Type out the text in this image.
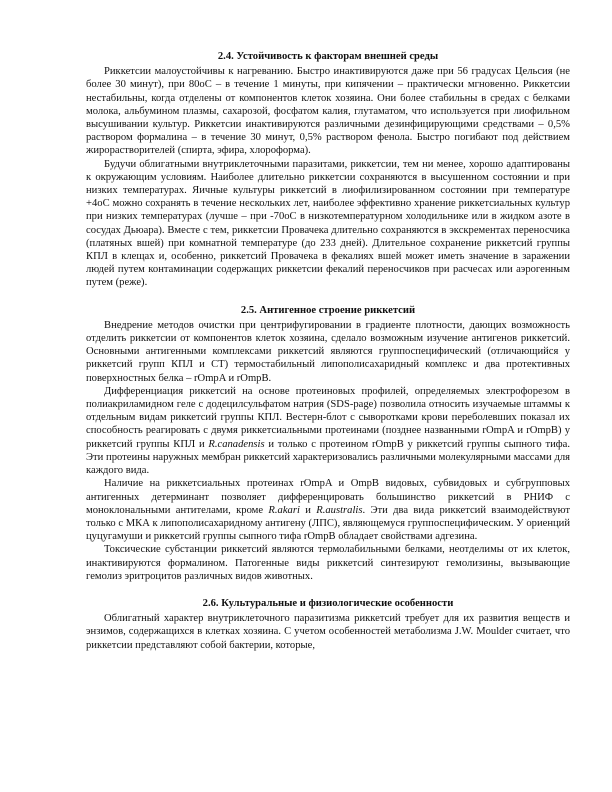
2.4. Устойчивость к факторам внешней среды

Риккетсии малоустойчивы к нагреванию. Быстро инактивируются даже при 56 градусах Цельсия (не более 30 минут), при 80оС – в течение 1 минуты, при кипячении – практически мгновенно. Риккетсии нестабильны, когда отделены от компонентов клеток хозяина. Они более стабильны в средах с белками молока, альбумином плазмы, сахарозой, фосфатом калия, глутаматом, что используется при лиофильном высушивании культур. Риккетсии инактивируются различными дезинфицирующими средствами – 0,5% раствором формалина – в течение 30 минут, 0,5% раствором фенола. Быстро погибают под действием жирорастворителей (спирта, эфира, хлороформа).

Будучи облигатными внутриклеточными паразитами, риккетсии, тем ни менее, хорошо адаптированы к окружающим условиям. Наиболее длительно риккетсии сохраняются в высушенном состоянии и при низких температурах. Яичные культуры риккетсий в лиофилизированном состоянии при температуре +4оС можно сохранять в течение нескольких лет, наиболее эффективно хранение риккетсиальных культур при низких температурах (лучше – при -70оС в низкотемпературном холодильнике или в жидком азоте в сосудах Дьюара). Вместе с тем, риккетсии Провачека длительно сохраняются в экскрементах переносчика (платяных вшей) при комнатной температуре (до 233 дней). Длительное сохранение риккетсий группы КПЛ в клещах и, особенно, риккетсий Провачека в фекалиях вшей может иметь значение в заражении людей путем контаминации содержащих риккетсии фекалий переносчиков при расчесах или аэрогенным путем (реже).

2.5. Антигенное строение риккетсий

Внедрение методов очистки при центрифугировании в градиенте плотности, дающих возможность отделить риккетсии от компонентов клеток хозяина, сделало возможным изучение антигенов риккетсий. Основными антигенными комплексами риккетсий являются группоспецифический (отличающийся у риккетсий групп КПЛ и СТ) термостабильный липополисахаридный комплекс и два протективных поверхностных белка – rOmpA и rOmpB.

Дифференциация риккетсий на основе протеиновых профилей, определяемых электрофорезом в полиакриламидном геле с додецилсульфатом натрия (SDS-page) позволила относить изучаемые штаммы к отдельным видам риккетсий группы КПЛ. Вестерн-блот с сыворотками крови переболевших показал их способность реагировать с двумя риккетсиальными протеинами (позднее названными rOmpA и rOmpB) у риккетсий группы КПЛ и R.canadensis и только с протеином rOmpB у риккетсий группы сыпного тифа. Эти протеины наружных мембран риккетсий характеризовались различными молекулярными массами для каждого вида.

Наличие на риккетсиальных протеинах rOmpA и OmpB видовых, субвидовых и субгрупповых антигенных детерминант позволяет дифференцировать большинство риккетсий в РНИФ с моноклональными антителами, кроме R.akari и R.australis. Эти два вида риккетсий взаимодействуют только с МКА к липополисахаридному антигену (ЛПС), являющемуся группоспецифическим. У ориенций цуцугамуши и риккетсий группы сыпного тифа rOmpB обладает свойствами адгезина.

Токсические субстанции риккетсий являются термолабильными белками, неотделимы от их клеток, инактивируются формалином. Патогенные виды риккетсий синтезируют гемолизины, вызывающие гемолиз эритроцитов различных видов животных.

2.6. Культуральные и физиологические особенности

Облигатный характер внутриклеточного паразитизма риккетсий требует для их развития веществ и энзимов, содержащихся в клетках хозяина. С учетом особенностей метаболизма J.W. Moulder считает, что риккетсии представляют собой бактерии, которые,
